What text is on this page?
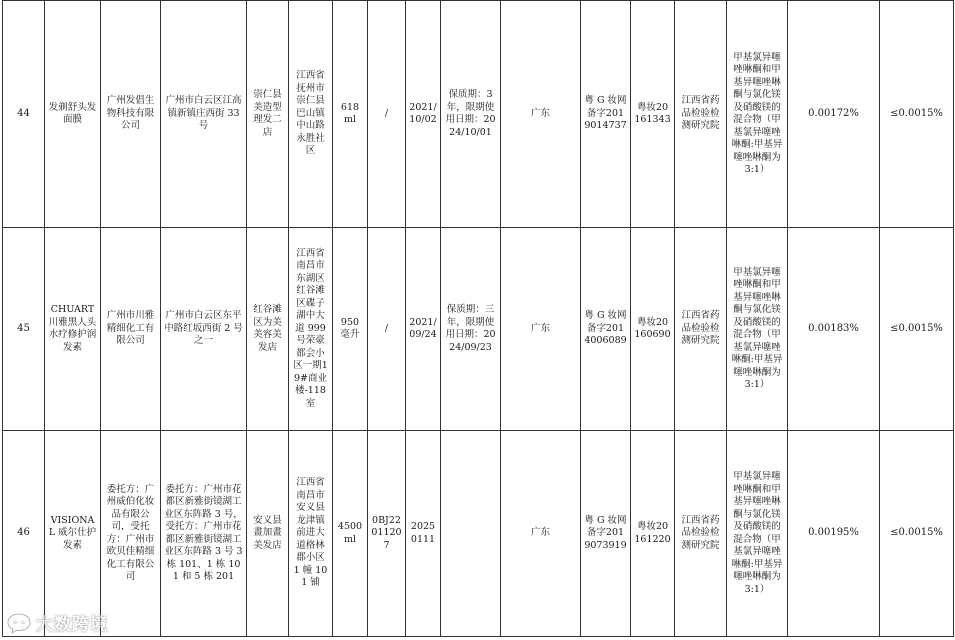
44	发剃舒头发面膜	广州发倡生物科技有限公司	广州市白云区江高镇新镇庄西街 33 号	崇仁县美造型理发二店	江西省抚州市崇仁县巴山镇中山路永胜社区	618 ml	/	2021/10/02	保质期：3年，限期使用日期：2024/10/01	广东	粤 G 妆网备字2019014737	粤妆20161343	江西省药品检验检测研究院	甲基氯异噻唑啉酮和甲基异噻唑啉酮与氯化镁及硝酸镁的混合物（甲基氯异噻唑啉酮:甲基异噻唑啉酮为 3:1）	0.00172%	≤0.0015%
45	CHUART 川雅黑人头水疗修护润发素	广州市川雅精细化工有限公司	广州市白云区东平中路红坂西街 2 号之一	红谷滩区为美美容美发店	江西省南昌市东湖区红谷滩区碟子湖中大道 999 号荣豪都会小区一期19#商业楼-118 室	950 毫升	/	2021/09/24	保质期：三年，限期使用日期：2024/09/23	广东	粤 G 妆网备字2014006089	粤妆20160690	江西省药品检验检测研究院	甲基氯异噻唑啉酮和甲基异噻唑啉酮与氯化镁及硝酸镁的混合物（甲基氯异噻唑啉酮:甲基异噻唑啉酮为 3:1）	0.00183%	≤0.0015%
46	VISIONAL 威尔仕护发素	委托方：广州威伯化妆品有限公司，受托方：广州市欧贝佳精细化工有限公司	委托方：广州市花都区新雅街镜湖工业区东阵路 3 号，受托方：广州市花都区新雅街镜湖工业区东阵路 3 号 3 栋 101、1 栋 101 和 5 栋 201	安义县畫加畫美发店	江西省南昌市安义县龙津镇前进大道格林郡小区 1 幢 101 铺	4500 ml	0BJ22011207	20250111		广东	粤 G 妆网备字2019073919	粤妆20161220	江西省药品检验检测研究院	甲基氯异噻唑啉酮和甲基异噻唑啉酮与氯化镁及硝酸镁的混合物（甲基氯异噻唑啉酮:甲基异噻唑啉酮为 3:1）	0.00195%	≤0.0015%
大数跨境
